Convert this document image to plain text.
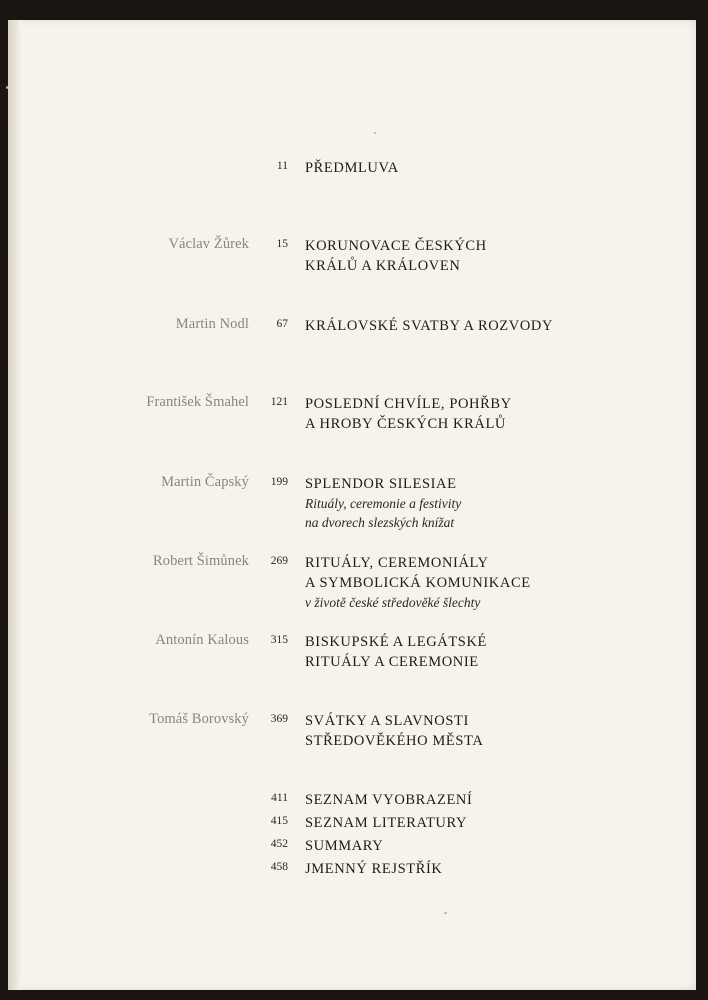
11 PŘEDMLUVA
Václav Žůrek 15 KORUNOVACE ČESKÝCH
KRÁLŮ A KRÁLOVEN
Martin Nodl 67 KRÁLOVSKÉ SVATBY A ROZVODY
František Šmahel 121 POSLEDNÍ CHVÍLE, POHŘBY
A HROBY ČESKÝCH KRÁLŮ
Martin Čapský 199 SPLENDOR SILESIAE
Rituály, ceremonie a festivity
na dvorech slezských knížat
Robert Šimůnek 269 RITUÁLY, CEREMONIÁLY
A SYMBOLICKÁ KOMUNIKACE
v životě české středověké šlechty
Antonín Kalous 315 BISKUPSKÉ A LEGÁTSKÉ
RITUÁLY A CEREMONIE
Tomáš Borovský 369 SVÁTKY A SLAVNOSTI
STŘEDOVĚKÉHO MĚSTA
411 SEZNAM VYOBRAZENÍ
415 SEZNAM LITERATURY
452 SUMMARY
458 JMENNÝ REJSTŘÍK
